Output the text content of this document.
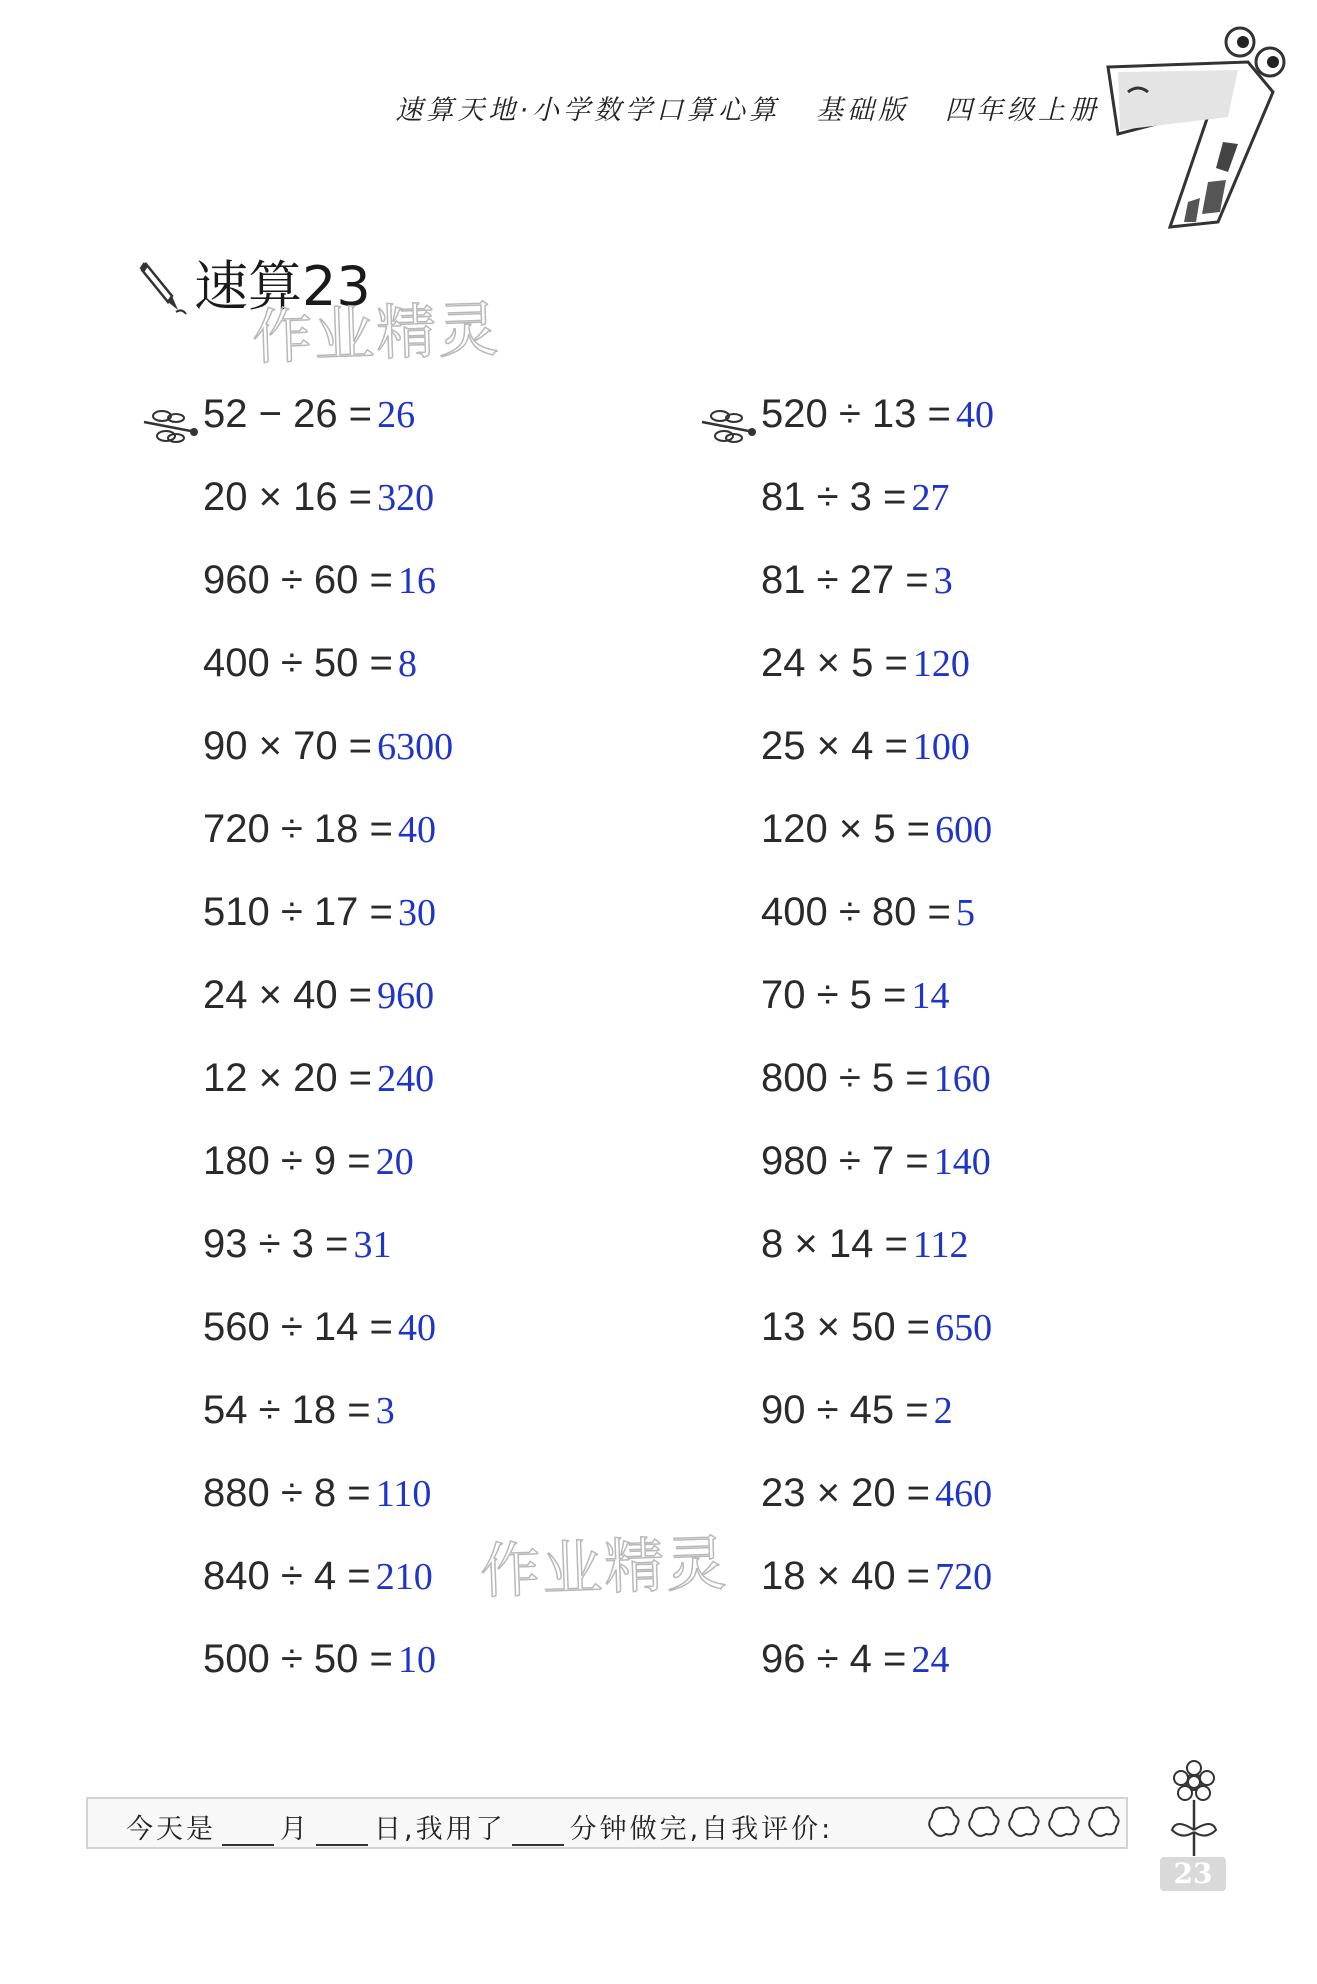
速算天地·小学数学口算心算 基础版 四年级上册
速算23
作业精灵
作业精灵
52 − 26 = 26
20 × 16 = 320
960 ÷ 60 = 16
400 ÷ 50 = 8
90 × 70 = 6300
720 ÷ 18 = 40
510 ÷ 17 = 30
24 × 40 = 960
12 × 20 = 240
180 ÷ 9 = 20
93 ÷ 3 = 31
560 ÷ 14 = 40
54 ÷ 18 = 3
880 ÷ 8 = 110
840 ÷ 4 = 210
500 ÷ 50 = 10
520 ÷ 13 = 40
81 ÷ 3 = 27
81 ÷ 27 = 3
24 × 5 = 120
25 × 4 = 100
120 × 5 = 600
400 ÷ 80 = 5
70 ÷ 5 = 14
800 ÷ 5 = 160
980 ÷ 7 = 140
8 × 14 = 112
13 × 50 = 650
90 ÷ 45 = 2
23 × 20 = 460
18 × 40 = 720
96 ÷ 4 = 24
今天是 月 日,我用了 分钟做完,自我评价:
23
